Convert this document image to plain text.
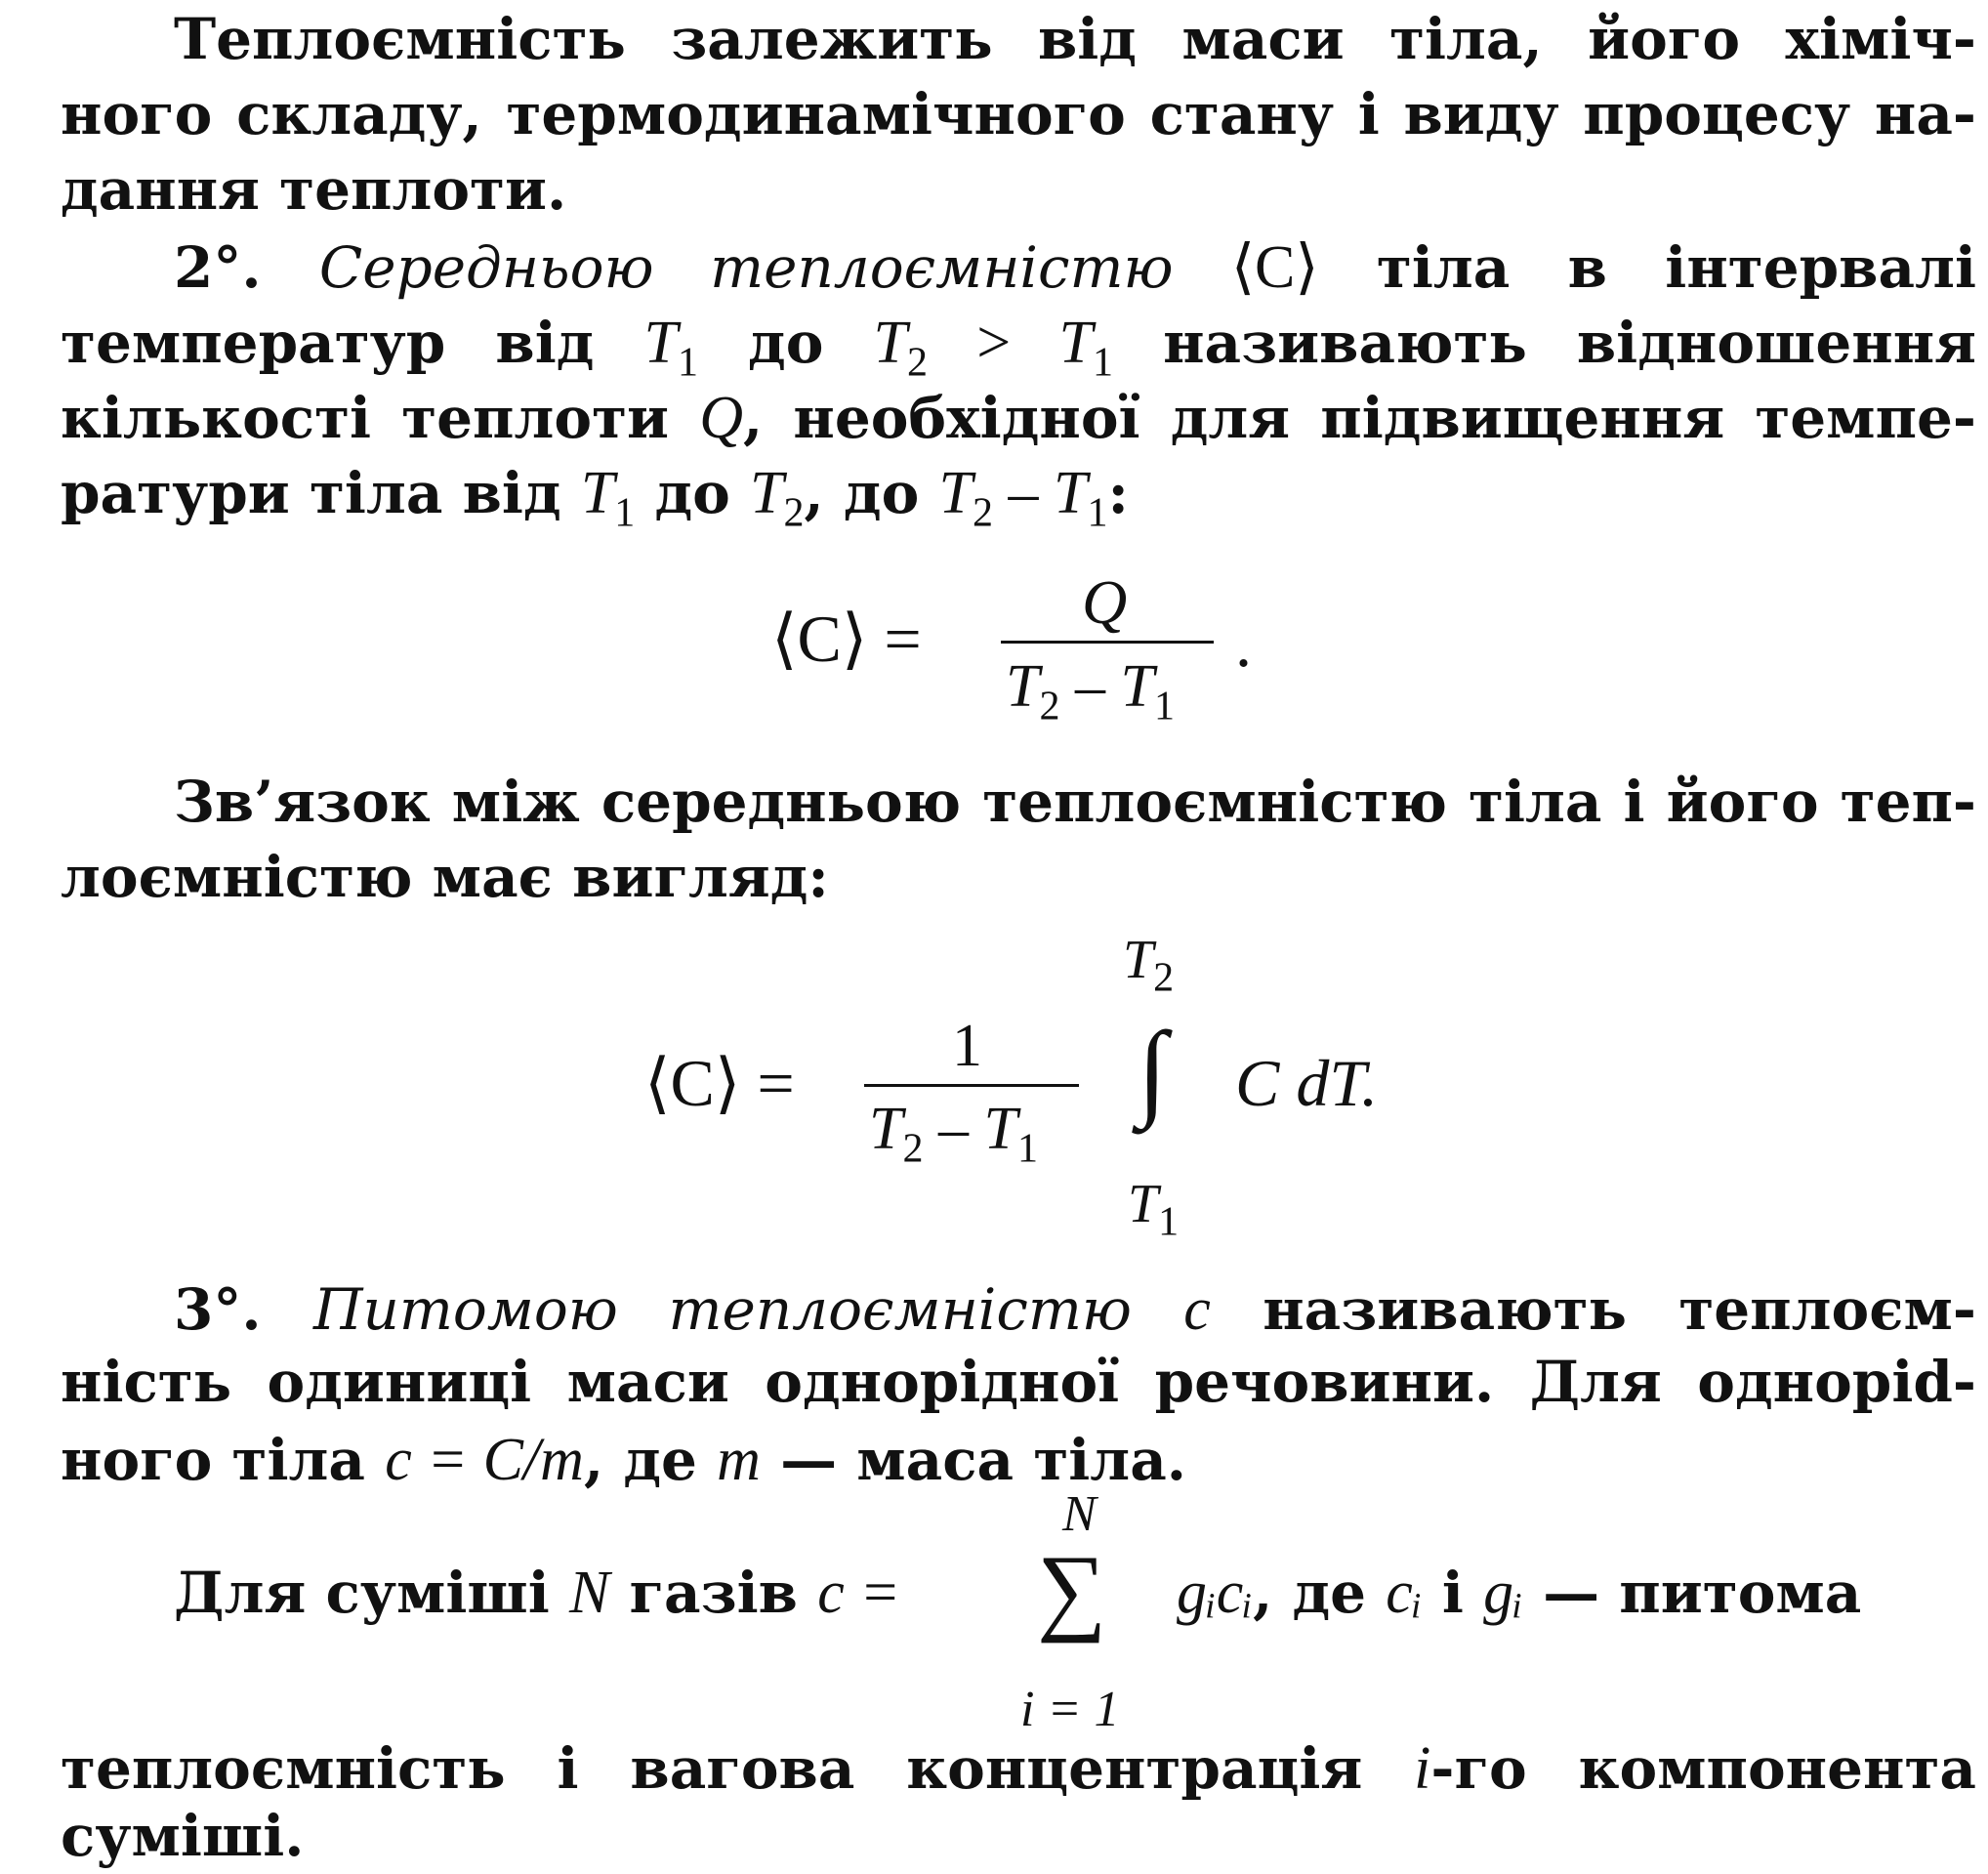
Теплоємність залежить від маси тіла, його хіміч-
ного складу, термодинамічного стану і виду процесу на-
дання теплоти.
2°. Середньою теплоємністю ⟨C⟩ тіла в інтервалі
температур від $T_1$ до $T_2 > T_1$ називають відношення
кількості теплоти Q, необхідної для підвищення темпе-
ратури тіла від $T_1$ до $T_2$, до $T_2 - T_1$:
⟨C⟩ =	Q
$T_2 - T_1$
.
Зв’язок між середньою теплоємністю тіла і його теп-
лоємністю має вигляд:
$T_2$
⟨C⟩ =	1
$T_2 - T_1$
∫
$T_1$
C dT.
3°. Питомою теплоємністю c називають теплоєм-
ність одиниці маси однорідної речовини. Для одноріd-
ного тіла c = C/m, де m — маса тіла.
N
∑
i = 1
Для суміші N газів c =	gᵢcᵢ, де cᵢ і gᵢ — питома
теплоємність і вагова концентрація i-го компонента
суміші.
